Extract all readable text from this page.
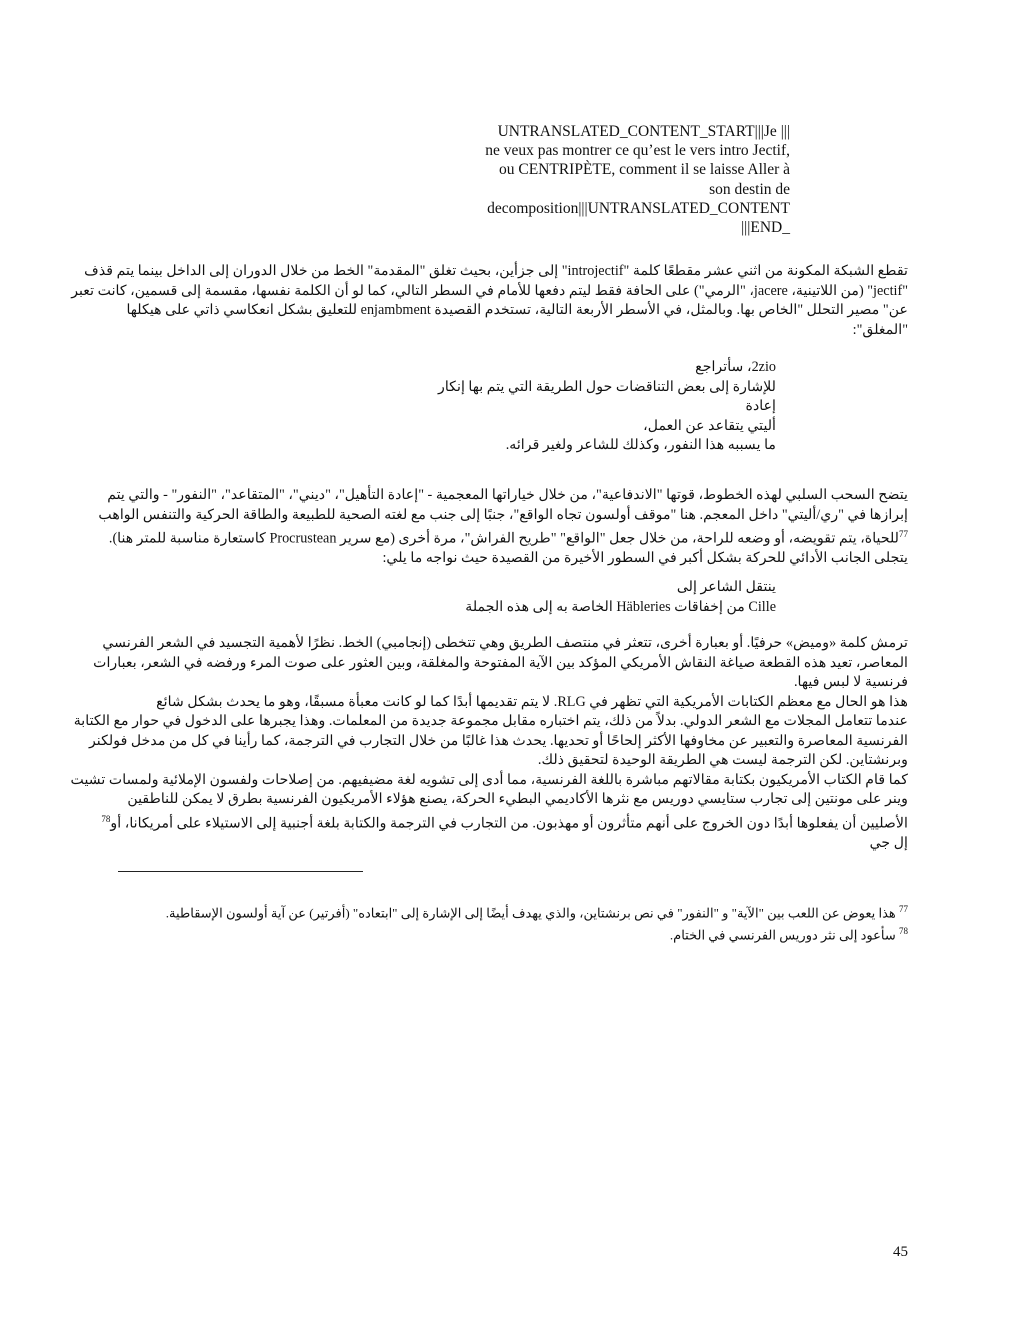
UNTRANSLATED_CONTENT_START|||Je |||
ne veux pas montrer ce qu’est le vers intro Jectif,
ou CENTRIPÈTE, comment il se laisse Aller à
son destin de
decomposition|||UNTRANSLATED_CONTENT
|||END_
تقطع الشبكة المكونة من اثني عشر مقطعًا كلمة "introjectif" إلى جزأين، بحيث تغلق "المقدمة" الخط من خلال الدوران إلى الداخل بينما يتم قذف
"jectif" (من اللاتينية، jacere، "الرمي") على الحافة فقط ليتم دفعها للأمام في السطر التالي، كما لو أن الكلمة نفسها، مقسمة إلى قسمين، كانت تعبر
عن" مصير التحلل "الخاص بها. وبالمثل، في الأسطر الأربعة التالية، تستخدم القصيدة enjambment للتعليق بشكل انعكاسي ذاتي على هيكلها
"المغلق":
2zio، سأتراجع
للإشارة إلى بعض التناقضات حول الطريقة التي يتم بها إنكار
إعادة
أليتي يتقاعد عن العمل،
ما يسببه هذا النفور، وكذلك للشاعر ولغير قرائه.
يتضح السحب السلبي لهذه الخطوط، قوتها "الاندفاعية"، من خلال خياراتها المعجمية - "إعادة التأهيل"، "ديني"، "المتقاعد"، "النفور" - والتي يتم
إبرازها في "ري/أليتي" داخل المعجم. هنا "موقف أولسون تجاه الواقع"، جنبًا إلى جنب مع لغته الصحية للطبيعة والطاقة الحركية والتنفس الواهب
$^{77}$للحياة، يتم تقويضه، أو وضعه للراحة، من خلال جعل "الواقع" "طريح الفراش"، مرة أخرى (مع سرير Procrustean كاستعارة مناسبة للمتر هنا).
يتجلى الجانب الأدائي للحركة بشكل أكبر في السطور الأخيرة من القصيدة حيث نواجه ما يلي:
ينتقل الشاعر إلى
Cille من إخفاقات Häbleries الخاصة به إلى هذه الجملة
ترمش كلمة «وميض» حرفيًا. أو بعبارة أخرى، تتعثر في منتصف الطريق وهي تتخطى (إنجامبي) الخط. نظرًا لأهمية التجسيد في الشعر الفرنسي
المعاصر، تعيد هذه القطعة صياغة النقاش الأمريكي المؤكد بين الآية المفتوحة والمغلقة، وبين العثور على صوت المرء ورفضه في الشعر، بعبارات
فرنسية لا لبس فيها.
هذا هو الحال مع معظم الكتابات الأمريكية التي تظهر في RLG. لا يتم تقديمها أبدًا كما لو كانت معبأة مسبقًا، وهو ما يحدث بشكل شائع
عندما تتعامل المجلات مع الشعر الدولي. بدلاً من ذلك، يتم اختباره مقابل مجموعة جديدة من المعلمات. وهذا يجبرها على الدخول في حوار مع الكتابة
الفرنسية المعاصرة والتعبير عن مخاوفها الأكثر إلحاحًا أو تحديها. يحدث هذا غالبًا من خلال التجارب في الترجمة، كما رأينا في كل من مدخل فولكنر
وبرنشتاين. لكن الترجمة ليست هي الطريقة الوحيدة لتحقيق ذلك.
كما قام الكتاب الأمريكيون بكتابة مقالاتهم مباشرة باللغة الفرنسية، مما أدى إلى تشويه لغة مضيفيهم. من إصلاحات ولفسون الإملائية ولمسات تشيت
وينر على مونتين إلى تجارب ستايسي دوريس مع نثرها الأكاديمي البطيء الحركة، يصنع هؤلاء الأمريكيون الفرنسية بطرق لا يمكن للناطقين
الأصليين أن يفعلوها أبدًا دون الخروج على أنهم متأثرون أو مهذبون. من التجارب في الترجمة والكتابة بلغة أجنبية إلى الاستيلاء على أمريكانا، أو$^{78}$
إل جي
$^{77}$ هذا يعوض عن اللعب بين "الآية" و "النفور" في نص برنشتاين، والذي يهدف أيضًا إلى الإشارة إلى "ابتعاده" (أفرتير) عن آية أولسون الإسقاطية.
$^{78}$ سأعود إلى نثر دوريس الفرنسي في الختام.
45
